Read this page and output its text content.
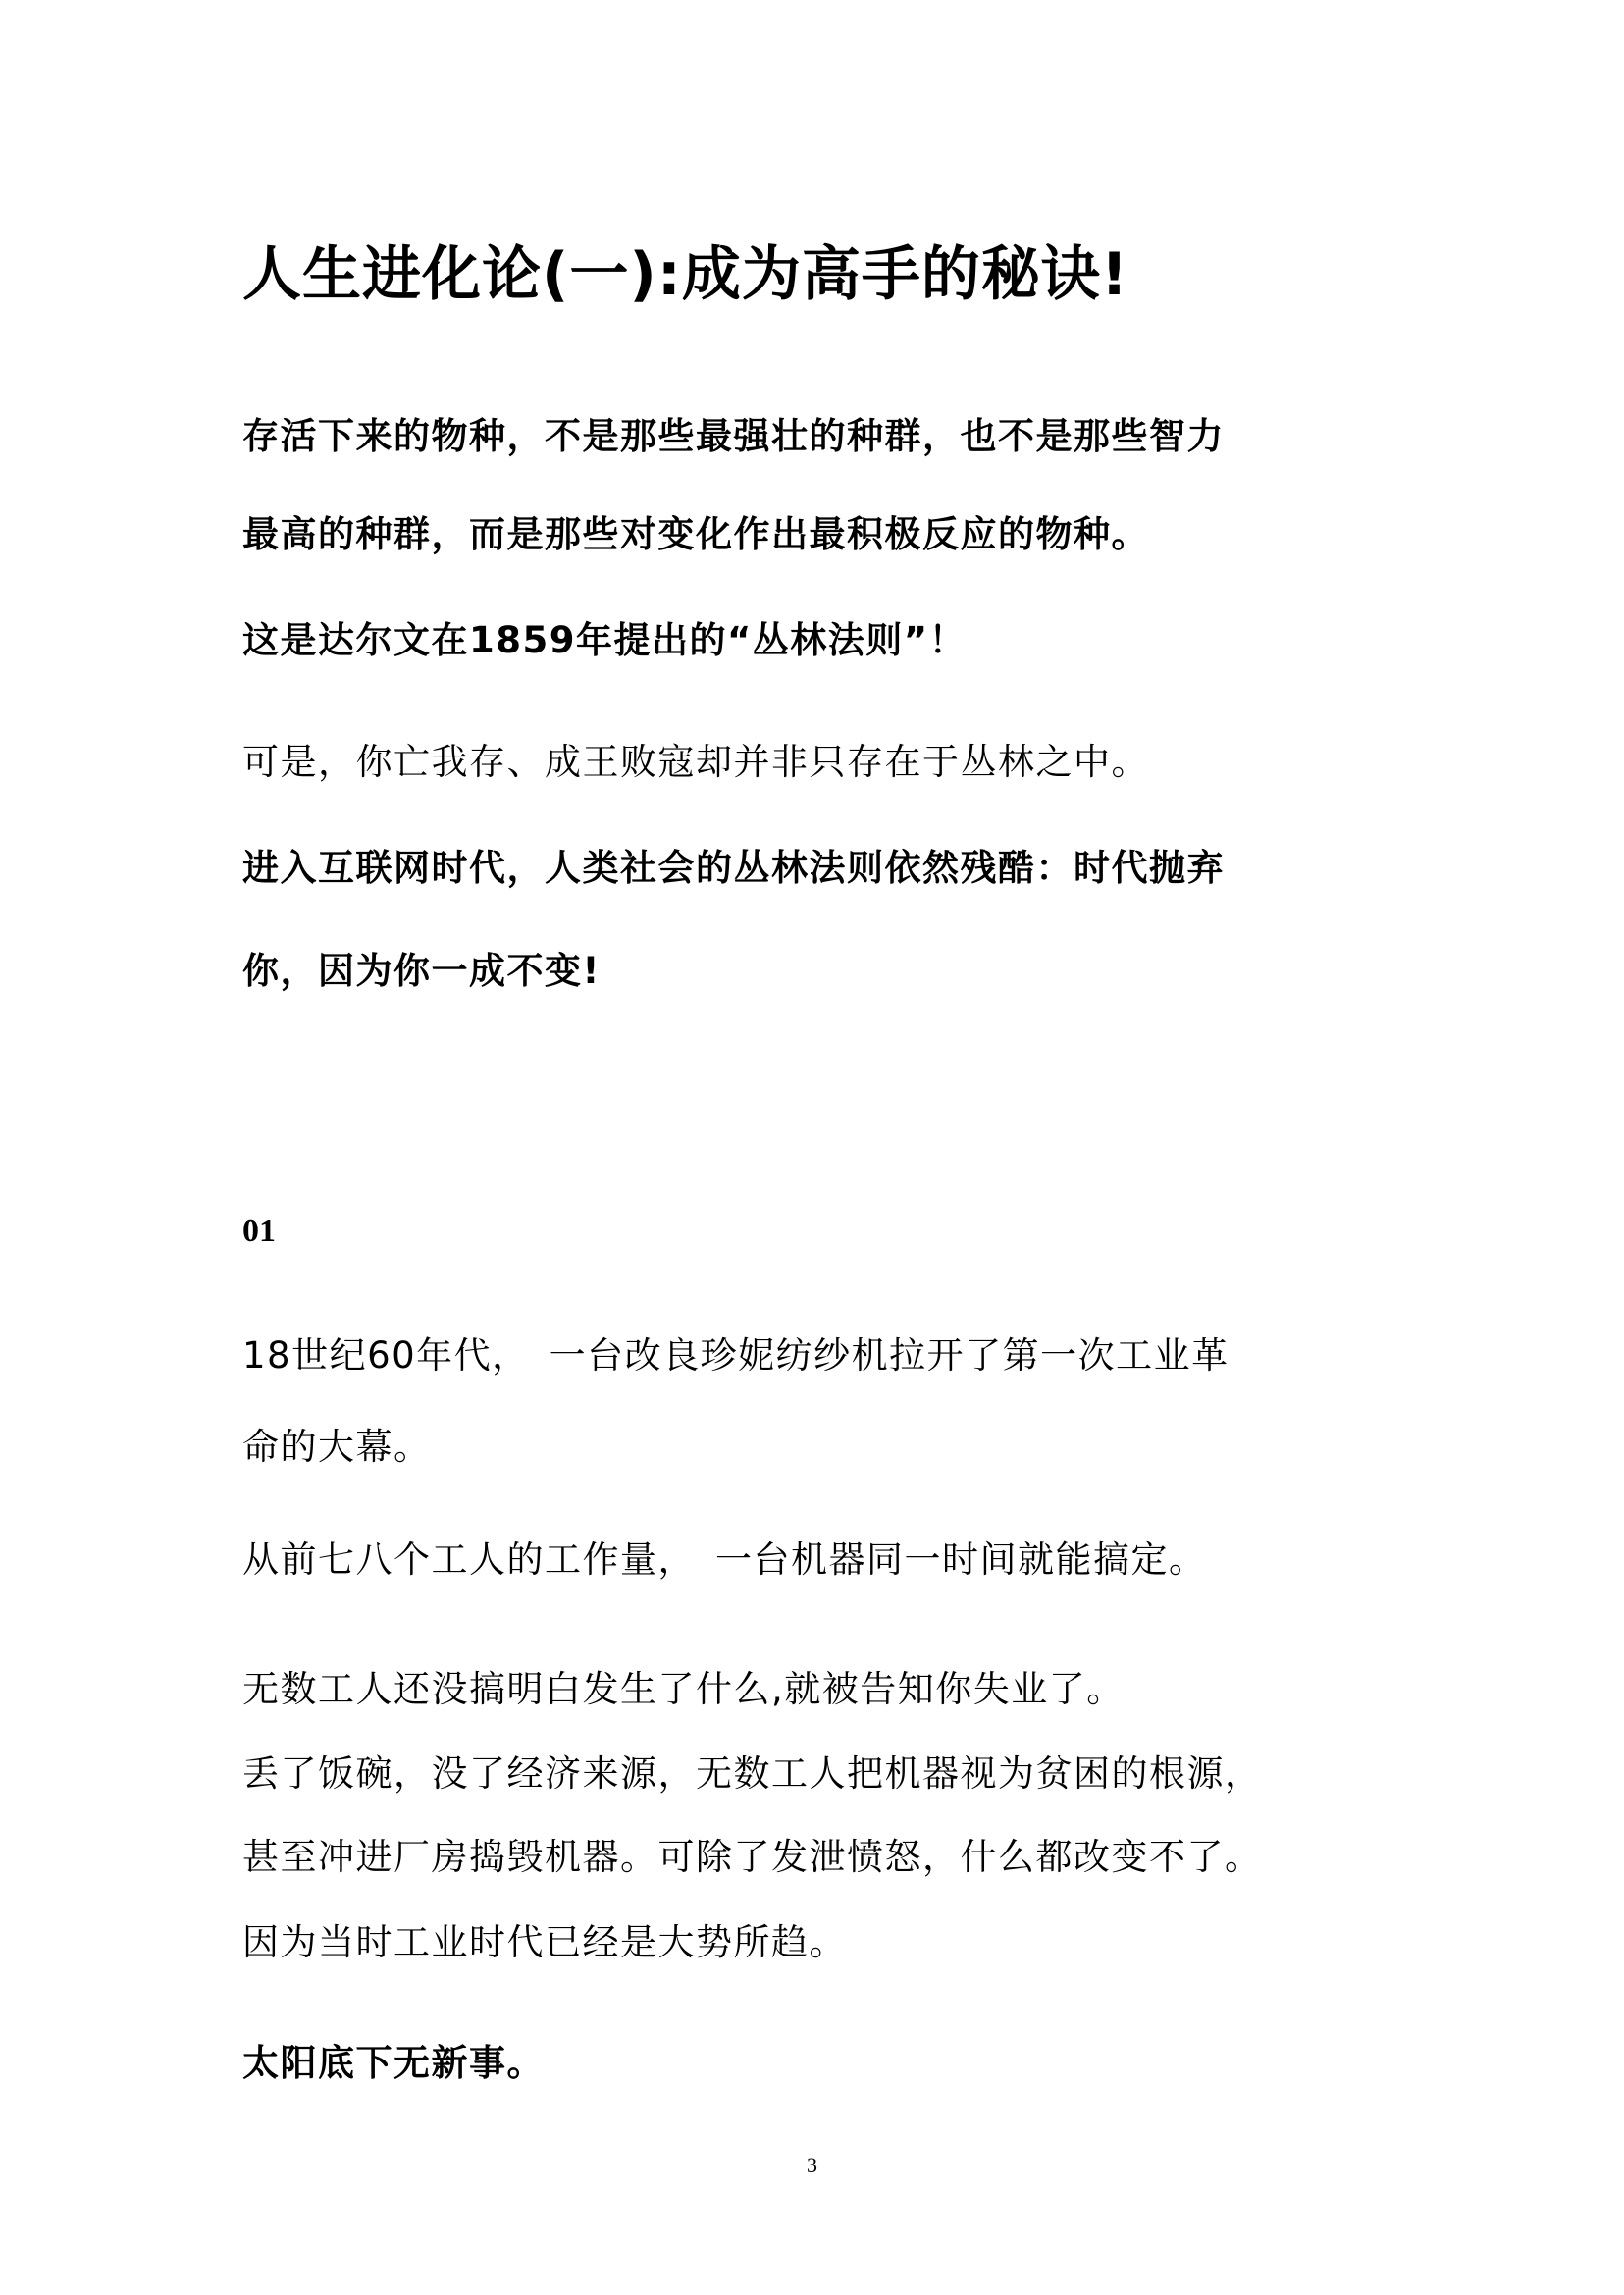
人生进化论(一):成为高手的秘诀!
存活下来的物种，不是那些最强壮的种群，也不是那些智力
最高的种群，而是那些对变化作出最积极反应的物种。
这是达尔文在1859年提出的“丛林法则”！
可是，你亡我存、成王败寇却并非只存在于丛林之中。
进入互联网时代，人类社会的丛林法则依然残酷：时代抛弃
你，因为你一成不变!
01
18世纪60年代，　一台改良珍妮纺纱机拉开了第一次工业革
命的大幕。
从前七八个工人的工作量，　一台机器同一时间就能搞定。
无数工人还没搞明白发生了什么,就被告知你失业了。
丢了饭碗，没了经济来源，无数工人把机器视为贫困的根源，
甚至冲进厂房捣毁机器。可除了发泄愤怒，什么都改变不了。
因为当时工业时代已经是大势所趋。
太阳底下无新事。
3
